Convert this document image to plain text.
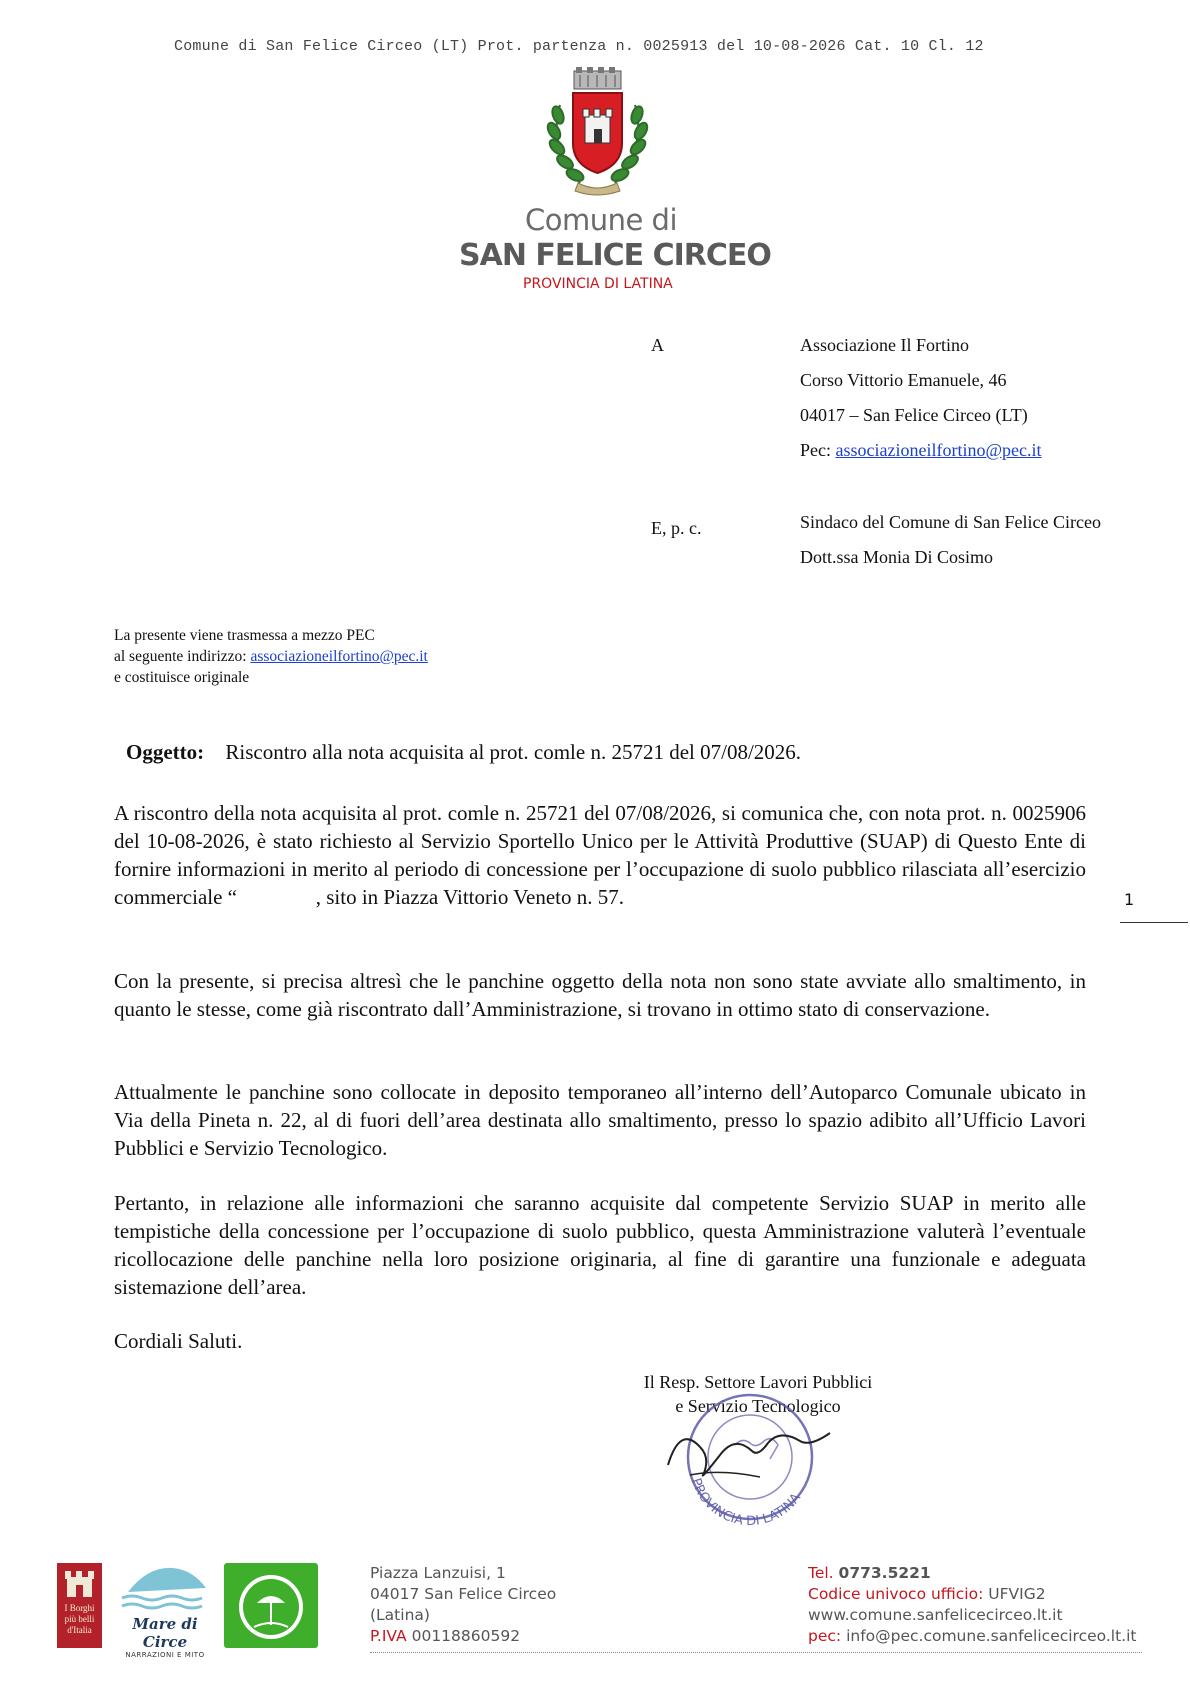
Comune di San Felice Circeo (LT) Prot. partenza n. 0025913 del 10-08-2026 Cat. 10 Cl. 12
Comune di
SAN FELICE CIRCEO
PROVINCIA DI LATINA
A	Associazione Il Fortino
Corso Vittorio Emanuele, 46
04017 – San Felice Circeo (LT)
Pec: associazioneilfortino@pec.it
E, p. c.	Sindaco del Comune di San Felice Circeo
Dott.ssa Monia Di Cosimo
La presente viene trasmessa a mezzo PEC
al seguente indirizzo: associazioneilfortino@pec.it
e costituisce originale
Oggetto: Riscontro alla nota acquisita al prot. comle n. 25721 del 07/08/2026.
A riscontro della nota acquisita al prot. comle n. 25721 del 07/08/2026, si comunica che, con nota prot. n. 0025906 del 10-08-2026, è stato richiesto al Servizio Sportello Unico per le Attività Produttive (SUAP) di Questo Ente di fornire informazioni in merito al periodo di concessione per l’occupazione di suolo pubblico rilasciata all’esercizio commerciale “               , sito in Piazza Vittorio Veneto n. 57.
Con la presente, si precisa altresì che le panchine oggetto della nota non sono state avviate allo smaltimento, in quanto le stesse, come già riscontrato dall’Amministrazione, si trovano in ottimo stato di conservazione.
Attualmente le panchine sono collocate in deposito temporaneo all’interno dell’Autoparco Comunale ubicato in Via della Pineta n. 22, al di fuori dell’area destinata allo smaltimento, presso lo spazio adibito all’Ufficio Lavori Pubblici e Servizio Tecnologico.
Pertanto, in relazione alle informazioni che saranno acquisite dal competente Servizio SUAP in merito alle tempistiche della concessione per l’occupazione di suolo pubblico, questa Amministrazione valuterà l’eventuale ricollocazione delle panchine nella loro posizione originaria, al fine di garantire una funzionale e adeguata sistemazione dell’area.
Cordiali Saluti.
1
Il Resp. Settore Lavori Pubblici
e Servizio Tecnologico
PROVINCIA DI LATINA
I Borghi
più belli
d'Italia	Mare di Circe
NARRAZIONI E MITO
Piazza Lanzuisi, 1
04017 San Felice Circeo
(Latina)
P.IVA 00118860592
Tel. 0773.5221
Codice univoco ufficio: UFVIG2
www.comune.sanfelicecirceo.lt.it
pec: info@pec.comune.sanfelicecirceo.lt.it
